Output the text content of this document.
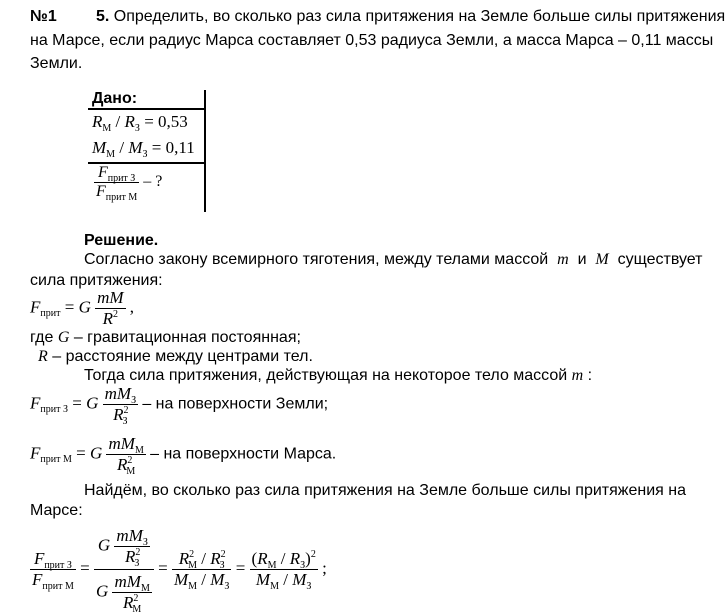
№1 5. Определить, во сколько раз сила притяжения на Земле больше силы притяжения
на Марсе, если радиус Марса составляет 0,53 радиуса Земли, а масса Марса – 0,11 массы
Земли.
Дано:
$R_М / R_З = 0,53$
$M_М / M_З = 0,11$
$\frac{F_{прит З}}{F_{прит М}}$ – ?
Решение.
Согласно закону всемирного тяготения, между телами массой m и M существует
сила притяжения:
$F_{прит} = G \frac{mM}{R^2}$ ,
где G – гравитационная постоянная;
R – расстояние между центрами тел.
Тогда сила притяжения, действующая на некоторое тело массой m :
$F_{прит З} = G \frac{mM_З}{R^2_З}$ – на поверхности Земли;
$F_{прит М} = G \frac{mM_М}{R^2_М}$ – на поверхности Марса.
Найдём, во сколько раз сила притяжения на Земле больше силы притяжения на
Марсе:
$\frac{F_{прит З}}{F_{прит М}} = \frac{G \frac{mM_З}{R^2_З}}{G \frac{mM_М}{R^2_М}} = \frac{R^2_М / R^2_З}{M_М / M_З} = \frac{(R_М / R_З)^2}{M_М / M_З}$ ;
